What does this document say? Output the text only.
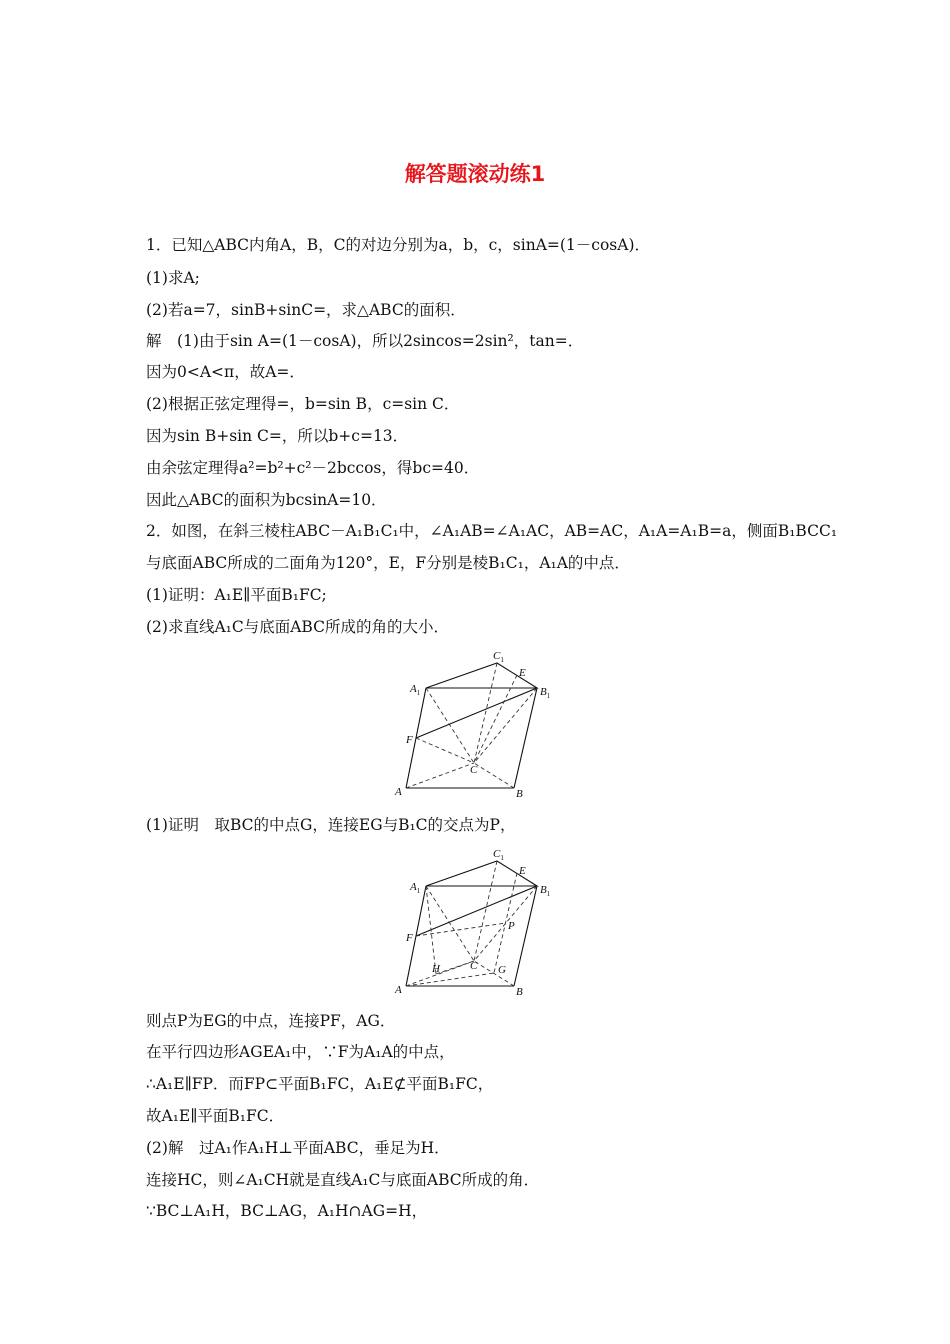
解答题滚动练1
1．已知△ABC内角A，B，C的对边分别为a，b，c，sinA=(1－cosA)．
(1)求A;
(2)若a=7，sinB+sinC=，求△ABC的面积．
解　(1)由于sin A=(1－cosA)，所以2sincos=2sin²，tan=．
因为0<A<π，故A=．
(2)根据正弦定理得=，b=sin B，c=sin C．
因为sin B+sin C=，所以b+c=13．
由余弦定理得a²=b²+c²－2bccos，得bc=40．
因此△ABC的面积为bcsinA=10．
2．如图，在斜三棱柱ABC－A₁B₁C₁中，∠A₁AB=∠A₁AC，AB=AC，A₁A=A₁B=a，侧面B₁BCC₁
与底面ABC所成的二面角为120°，E，F分别是棱B₁C₁，A₁A的中点．
(1)证明：A₁E∥平面B₁FC;
(2)求直线A₁C与底面ABC所成的角的大小．
$C_1$
E
$A_1$	$B_1$
F
C
A	B
(1)证明　取BC的中点G，连接EG与B₁C的交点为P，
$C_1$
E
$A_1$	$B_1$
P
F
C G
H
A	B
则点P为EG的中点，连接PF，AG．
在平行四边形AGEA₁中，∵F为A₁A的中点，
∴A₁E∥FP．而FP⊂平面B₁FC，A₁E⊄平面B₁FC，
故A₁E∥平面B₁FC．
(2)解　过A₁作A₁H⊥平面ABC，垂足为H．
连接HC，则∠A₁CH就是直线A₁C与底面ABC所成的角．
∵BC⊥A₁H，BC⊥AG，A₁H∩AG=H，
